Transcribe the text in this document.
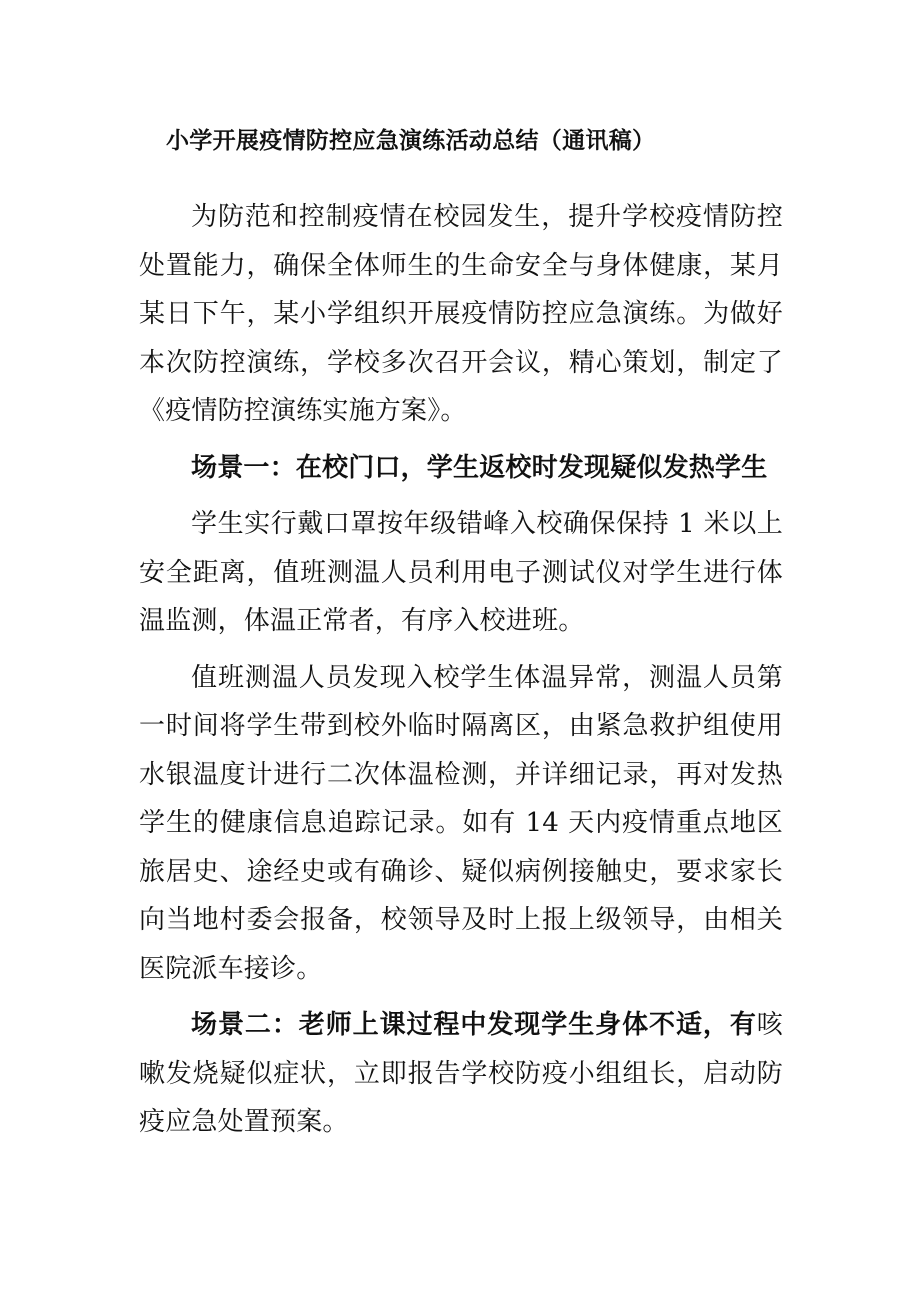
小学开展疫情防控应急演练活动总结（通讯稿）

为防范和控制疫情在校园发生，提升学校疫情防控处置能力，确保全体师生的生命安全与身体健康，某月某日下午，某小学组织开展疫情防控应急演练。为做好本次防控演练，学校多次召开会议，精心策划，制定了《疫情防控演练实施方案》。

场景一：在校门口，学生返校时发现疑似发热学生

学生实行戴口罩按年级错峰入校确保保持 1 米以上安全距离，值班测温人员利用电子测试仪对学生进行体温监测，体温正常者，有序入校进班。

值班测温人员发现入校学生体温异常，测温人员第一时间将学生带到校外临时隔离区，由紧急救护组使用水银温度计进行二次体温检测，并详细记录，再对发热学生的健康信息追踪记录。如有 14 天内疫情重点地区旅居史、途经史或有确诊、疑似病例接触史，要求家长向当地村委会报备，校领导及时上报上级领导，由相关医院派车接诊。

场景二：老师上课过程中发现学生身体不适，有咳嗽发烧疑似症状，立即报告学校防疫小组组长，启动防疫应急处置预案。
